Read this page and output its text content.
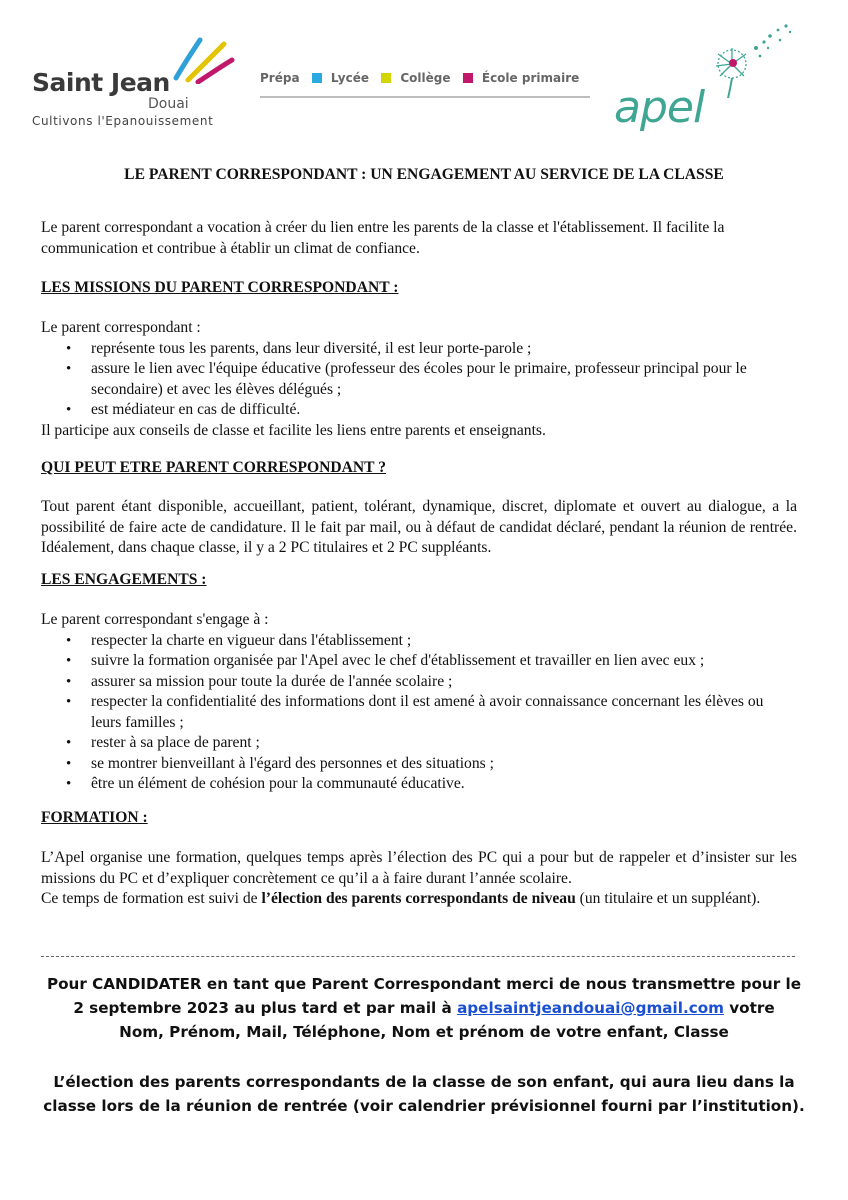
Saint Jean
Douai
Cultivons l'Epanouissement
Prépa	Lycée	Collège	École primaire
apel
LE PARENT CORRESPONDANT : UN ENGAGEMENT AU SERVICE DE LA CLASSE

Le parent correspondant a vocation à créer du lien entre les parents de la classe et l'établissement. Il facilite la communication et contribue à établir un climat de confiance.

LES MISSIONS DU PARENT CORRESPONDANT :
Le parent correspondant :
• représente tous les parents, dans leur diversité, il est leur porte-parole ;
• assure le lien avec l'équipe éducative (professeur des écoles pour le primaire, professeur principal pour le secondaire) et avec les élèves délégués ;
• est médiateur en cas de difficulté.
Il participe aux conseils de classe et facilite les liens entre parents et enseignants.
QUI PEUT ETRE PARENT CORRESPONDANT ?

Tout parent étant disponible, accueillant, patient, tolérant, dynamique, discret, diplomate et ouvert au dialogue, a la possibilité de faire acte de candidature. Il le fait par mail, ou à défaut de candidat déclaré, pendant la réunion de rentrée. Idéalement, dans chaque classe, il y a 2 PC titulaires et 2 PC suppléants.

LES ENGAGEMENTS :
Le parent correspondant s'engage à :
• respecter la charte en vigueur dans l'établissement ;
• suivre la formation organisée par l'Apel avec le chef d'établissement et travailler en lien avec eux ;
• assurer sa mission pour toute la durée de l'année scolaire ;
• respecter la confidentialité des informations dont il est amené à avoir connaissance concernant les élèves ou leurs familles ;
• rester à sa place de parent ;
• se montrer bienveillant à l'égard des personnes et des situations ;
• être un élément de cohésion pour la communauté éducative.
FORMATION :
L’Apel organise une formation, quelques temps après l’élection des PC qui a pour but de rappeler et d’insister sur les missions du PC et d’expliquer concrètement ce qu’il a à faire durant l’année scolaire.
Ce temps de formation est suivi de l’élection des parents correspondants de niveau (un titulaire et un suppléant).
Pour CANDIDATER en tant que Parent Correspondant merci de nous transmettre pour le
2 septembre 2023 au plus tard et par mail à apelsaintjeandouai@gmail.com votre
Nom, Prénom, Mail, Téléphone, Nom et prénom de votre enfant, Classe
L’élection des parents correspondants de la classe de son enfant, qui aura lieu dans la classe lors de la réunion de rentrée (voir calendrier prévisionnel fourni par l’institution).
